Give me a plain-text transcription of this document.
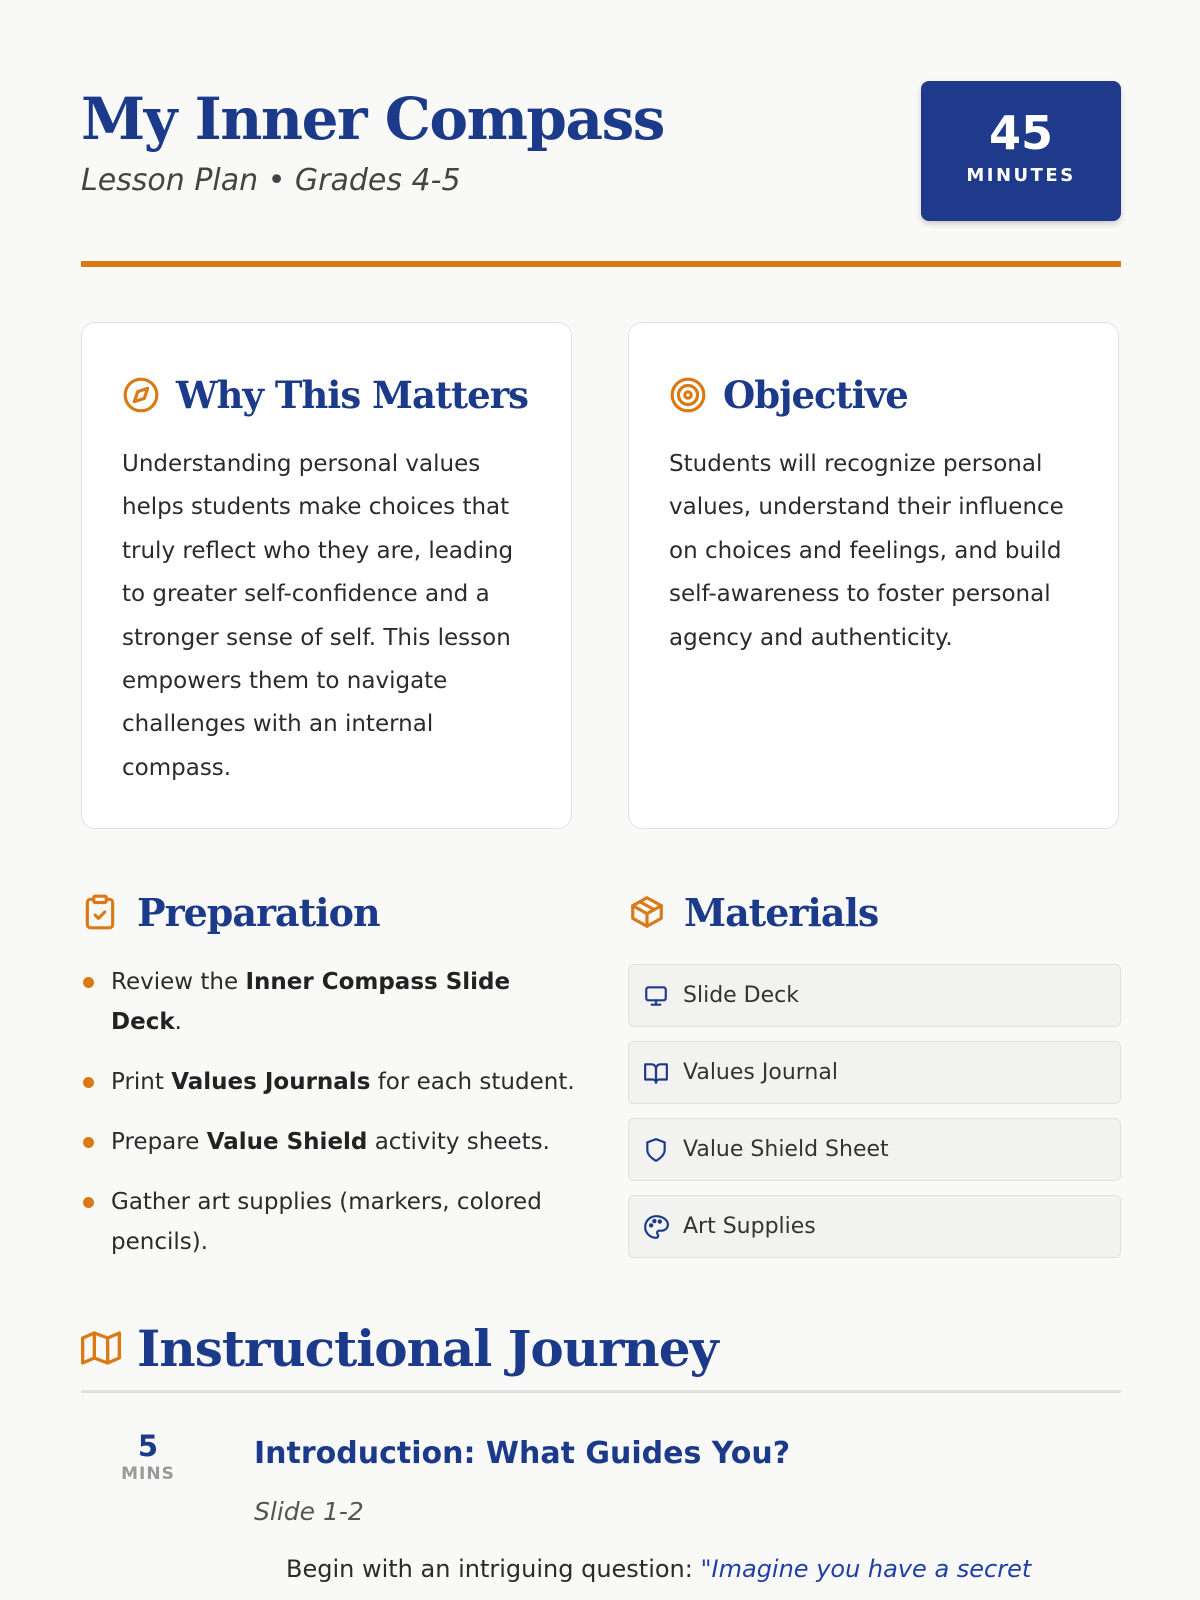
My Inner Compass
Lesson Plan • Grades 4-5
45
MINUTES
Why This Matters

Understanding personal values helps students make choices that truly reflect who they are, leading to greater self-confidence and a stronger sense of self. This lesson empowers them to navigate challenges with an internal compass.

Objective

Students will recognize personal values, understand their influence on choices and feelings, and build self-awareness to foster personal agency and authenticity.

Preparation
Review the Inner Compass Slide Deck.
Print Values Journals for each student.
Prepare Value Shield activity sheets.
Gather art supplies (markers, colored pencils).
Materials
Slide Deck
Values Journal
Value Shield Sheet
Art Supplies
Instructional Journey
5
MINS
Introduction: What Guides You?
Slide 1-2
Begin with an intriguing question: "Imagine you have a secret
